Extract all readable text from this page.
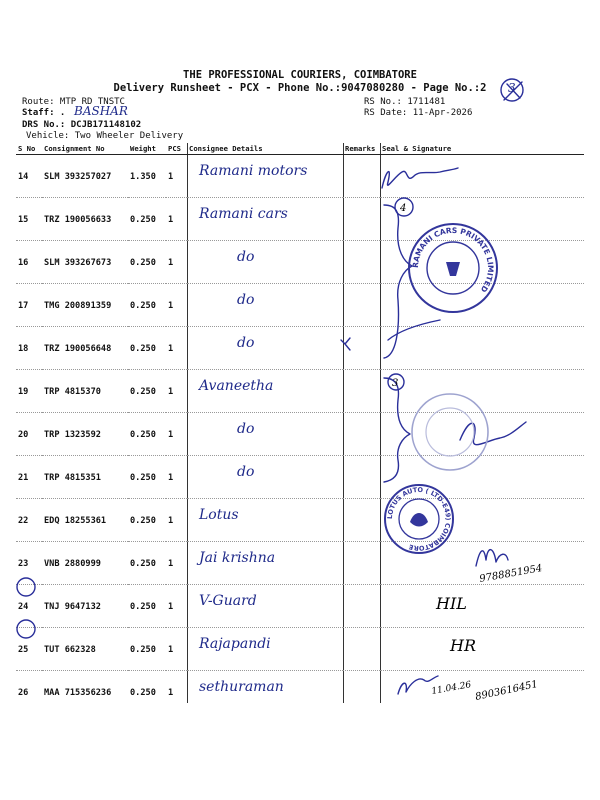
THE PROFESSIONAL COURIERS, COIMBATORE
Delivery Runsheet - PCX - Phone No.:9047080280 - Page No.:2	3
Route: MTP RD TNSTC
Staff: . BASHAR
DRS No.: DCJB171148102
Vehicle: Two Wheeler Delivery
RS No.: 1711481
RS Date: 11-Apr-2026
S No	Consignment No	Weight	PCS	Consignee Details	Remarks	Seal & Signature
14	SLM 393257027	1.350	1	Ramani motors		

15	TRZ 190056633	0.250	1	Ramani cars		

16	SLM 393267673	0.250	1	do		

17	TMG 200891359	0.250	1	do		

18	TRZ 190056648	0.250	1	do		

19	TRP 4815370	0.250	1	Avaneetha		

20	TRP 1323592	0.250	1	do		

21	TRP 4815351	0.250	1	do		

22	EDQ 18255361	0.250	1	Lotus		

23	VNB 2880999	0.250	1	Jai krishna		

24	TNJ 9647132	0.250	1	V-Guard		

25	TUT 662328	0.250	1	Rajapandi		

26	MAA 715356236	0.250	1	sethuraman		

4
RAMANI CARS PRIVATE LIMITED
3
LOTUS AUTO ( LTD-E49) COIMBATORE
9788851954
HIL
HR
11.04.26 8903616451
